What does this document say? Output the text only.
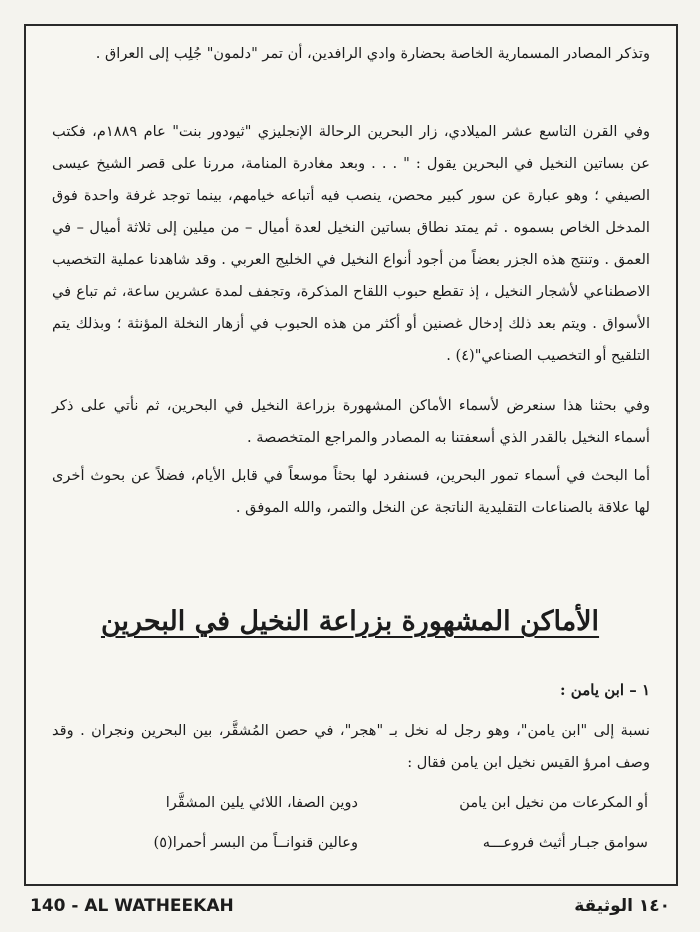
وتذكر المصادر المسمارية الخاصة بحضارة وادي الرافدين، أن تمر "دلمون" جُلِب إلى العراق .

وفي القرن التاسع عشر الميلادي، زار البحرين الرحالة الإنجليزي "ثيودور بنت" عام ١٨٨٩م، فكتب عن بساتين النخيل في البحرين يقول : " . . . وبعد مغادرة المنامة، مررنا على قصر الشيخ عيسى الصيفي ؛ وهو عبارة عن سور كبير محصن، ينصب فيه أتباعه خيامهم، بينما توجد غرفة واحدة فوق المدخل الخاص بسموه . ثم يمتد نطاق بساتين النخيل لعدة أميال – من ميلين إلى ثلاثة أميال – في العمق . وتنتج هذه الجزر بعضاً من أجود أنواع النخيل في الخليج العربي . وقد شاهدنا عملية التخصيب الاصطناعي لأشجار النخيل ، إذ تقطع حبوب اللقاح المذكرة، وتجفف لمدة عشرين ساعة، ثم تباع في الأسواق . ويتم بعد ذلك إدخال غصنين أو أكثر من هذه الحبوب في أزهار النخلة المؤنثة ؛ وبذلك يتم التلقيح أو التخصيب الصناعي"(٤) .

وفي بحثنا هذا سنعرض لأسماء الأماكن المشهورة بزراعة النخيل في البحرين، ثم نأتي على ذكر أسماء النخيل بالقدر الذي أسعفتنا به المصادر والمراجع المتخصصة .

أما البحث في أسماء تمور البحرين، فسنفرد لها بحثاً موسعاً في قابل الأيام، فضلاً عن بحوث أخرى لها علاقة بالصناعات التقليدية الناتجة عن النخل والتمر، والله الموفق .

الأماكن المشهورة بزراعة النخيل في البحرين
١ – ابن يامن :

نسبة إلى "ابن يامن"، وهو رجل له نخل بـ "هجر"، في حصن المُشقَّر، بين البحرين ونجران . وقد وصف امرؤ القيس نخيل ابن يامن فقال :

أو المكرعات من نخيل ابن يامن
دوين الصفا، اللائي يلين المشقَّرا
سوامق جبـار أثيث فروعـــه
وعالين قنوانــاً من البسر أحمرا(٥)
140 - AL WATHEEKAH	١٤٠ الوثيقة
